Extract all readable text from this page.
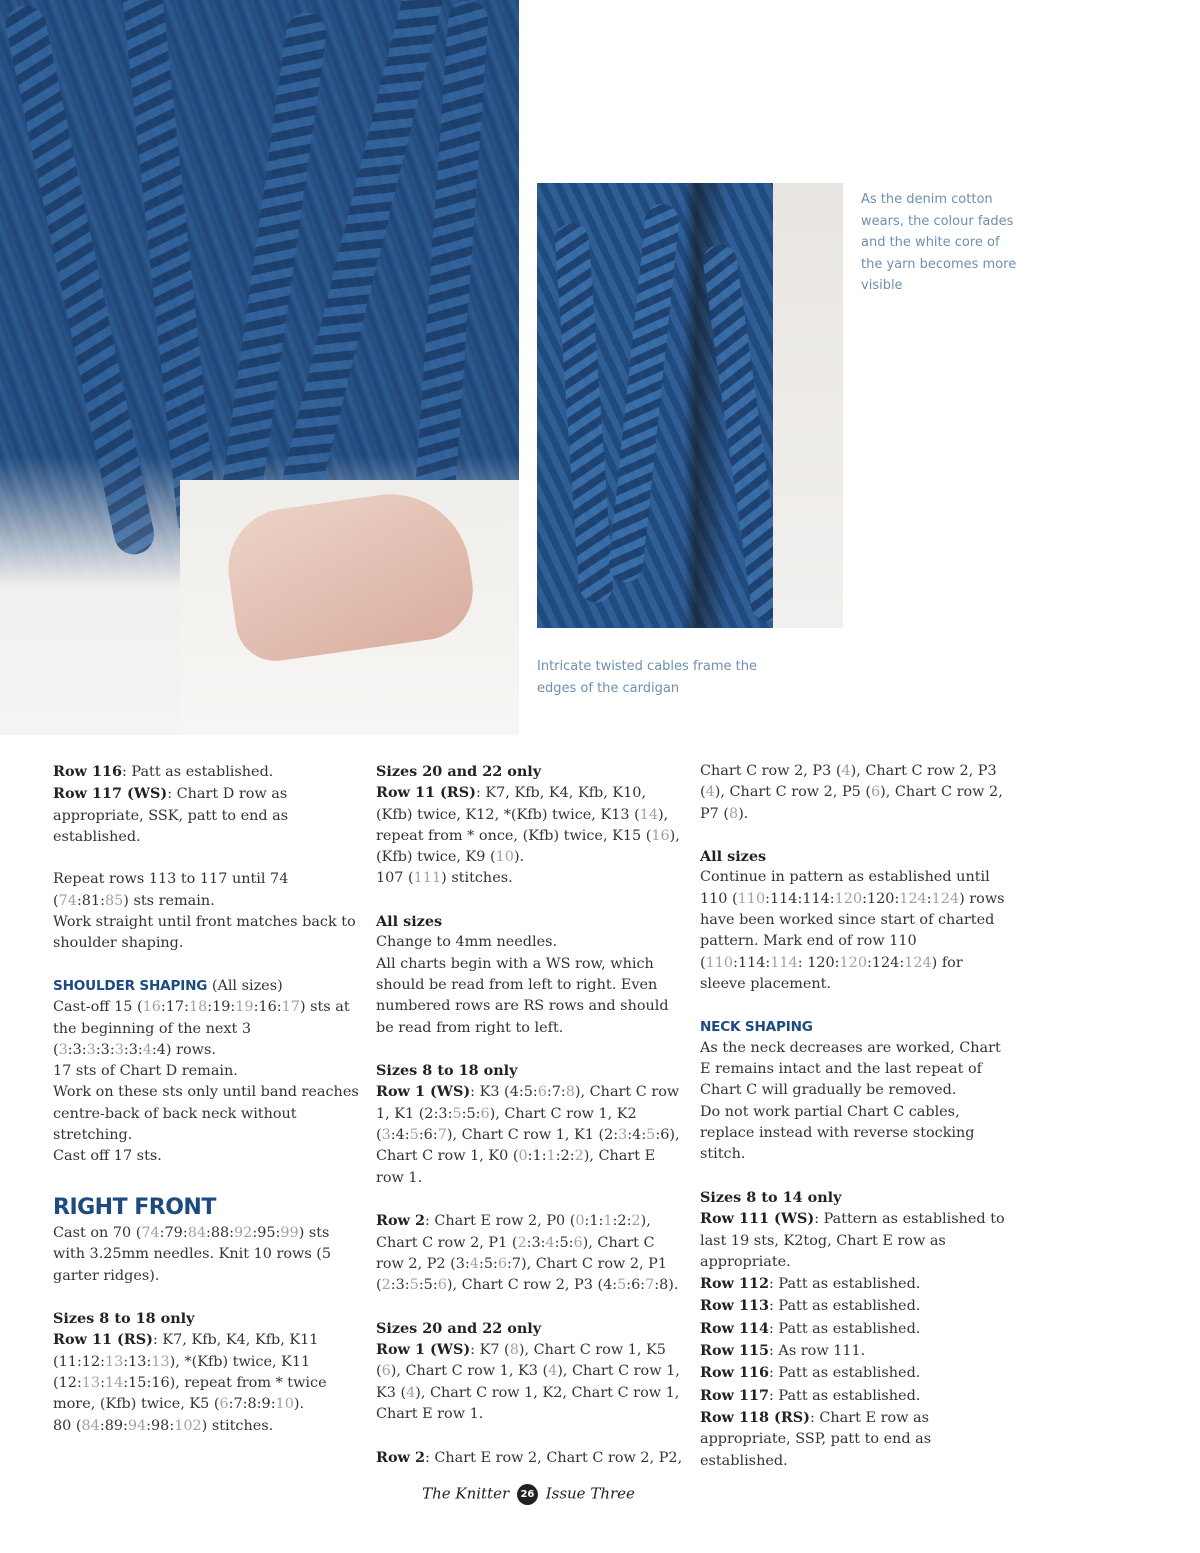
As the denim cotton wears, the colour fades and the white core of the yarn becomes more visible

Intricate twisted cables frame the edges of the cardigan

Row 116: Patt as established.

Row 117 (WS): Chart D row as appropriate, SSK, patt to end as established.

Repeat rows 113 to 117 until 74 (74:81:85) sts remain.

Work straight until front matches back to shoulder shaping.

SHOULDER SHAPING (All sizes)

Cast-off 15 (16:17:18:19:19:16:17) sts at the beginning of the next 3 (3:3:3:3:3:3:4:4) rows.

17 sts of Chart D remain.

Work on these sts only until band reaches centre-back of back neck without stretching.

Cast off 17 sts.

RIGHT FRONT

Cast on 70 (74:79:84:88:92:95:99) sts with 3.25mm needles. Knit 10 rows (5 garter ridges).

Sizes 8 to 18 only

Row 11 (RS): K7, Kfb, K4, Kfb, K11 (11:12:13:13:13), *(Kfb) twice, K11 (12:13:14:15:16), repeat from * twice more, (Kfb) twice, K5 (6:7:8:9:10).

80 (84:89:94:98:102) stitches.

Sizes 20 and 22 only

Row 11 (RS): K7, Kfb, K4, Kfb, K10, (Kfb) twice, K12, *(Kfb) twice, K13 (14), repeat from * once, (Kfb) twice, K15 (16), (Kfb) twice, K9 (10).

107 (111) stitches.

All sizes

Change to 4mm needles.

All charts begin with a WS row, which should be read from left to right. Even numbered rows are RS rows and should be read from right to left.

Sizes 8 to 18 only

Row 1 (WS): K3 (4:5:6:7:8), Chart C row 1, K1 (2:3:5:5:6), Chart C row 1, K2 (3:4:5:6:7), Chart C row 1, K1 (2:3:4:5:6), Chart C row 1, K0 (0:1:1:2:2), Chart E row 1.

Row 2: Chart E row 2, P0 (0:1:1:2:2), Chart C row 2, P1 (2:3:4:5:6), Chart C row 2, P2 (3:4:5:6:7), Chart C row 2, P1 (2:3:5:5:6), Chart C row 2, P3 (4:5:6:7:8).

Sizes 20 and 22 only

Row 1 (WS): K7 (8), Chart C row 1, K5 (6), Chart C row 1, K3 (4), Chart C row 1, K3 (4), Chart C row 1, K2, Chart C row 1, Chart E row 1.

Row 2: Chart E row 2, Chart C row 2, P2,

Chart C row 2, P3 (4), Chart C row 2, P3 (4), Chart C row 2, P5 (6), Chart C row 2, P7 (8).

All sizes

Continue in pattern as established until 110 (110:114:114:120:120:124:124) rows have been worked since start of charted pattern. Mark end of row 110 (110:114:114: 120:120:124:124) for sleeve placement.

NECK SHAPING

As the neck decreases are worked, Chart E remains intact and the last repeat of Chart C will gradually be removed.

Do not work partial Chart C cables, replace instead with reverse stocking stitch.

Sizes 8 to 14 only

Row 111 (WS): Pattern as established to last 19 sts, K2tog, Chart E row as appropriate.

Row 112: Patt as established.

Row 113: Patt as established.

Row 114: Patt as established.

Row 115: As row 111.

Row 116: Patt as established.

Row 117: Patt as established.

Row 118 (RS): Chart E row as appropriate, SSP, patt to end as established.

The Knitter 26 Issue Three
